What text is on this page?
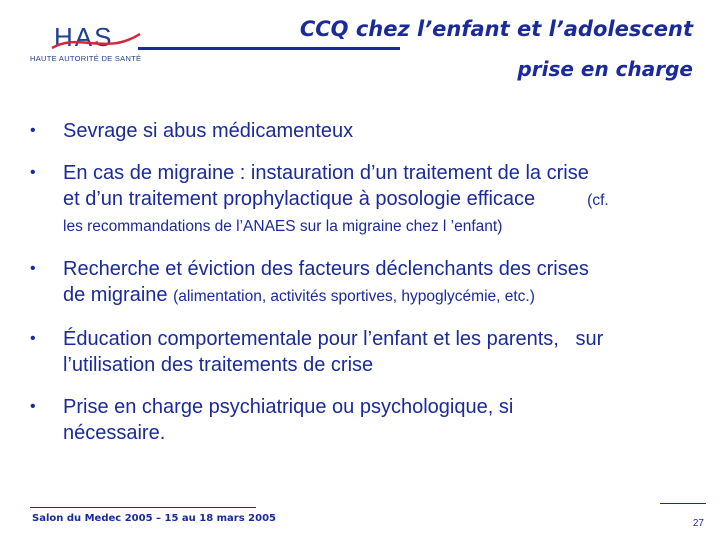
HAS
HAUTE AUTORITÉ DE SANTÉ
CCQ chez l’enfant et l’adolescent
prise en charge
• Sevrage si abus médicamenteux
• En cas de migraine : instauration d’un traitement de la crise
et d’un traitement prophylactique à posologie efficace	(cf.
les recommandations de l’ANAES sur la migraine chez l ’enfant)
• Recherche et éviction des facteurs déclenchants des crises
de migraine (alimentation, activités sportives, hypoglycémie, etc.)
• Éducation comportementale pour l’enfant et les parents,   sur
l’utilisation des traitements de crise
• Prise en charge psychiatrique ou psychologique, si
nécessaire.
Salon du Medec 2005 – 15 au 18 mars 2005	27
